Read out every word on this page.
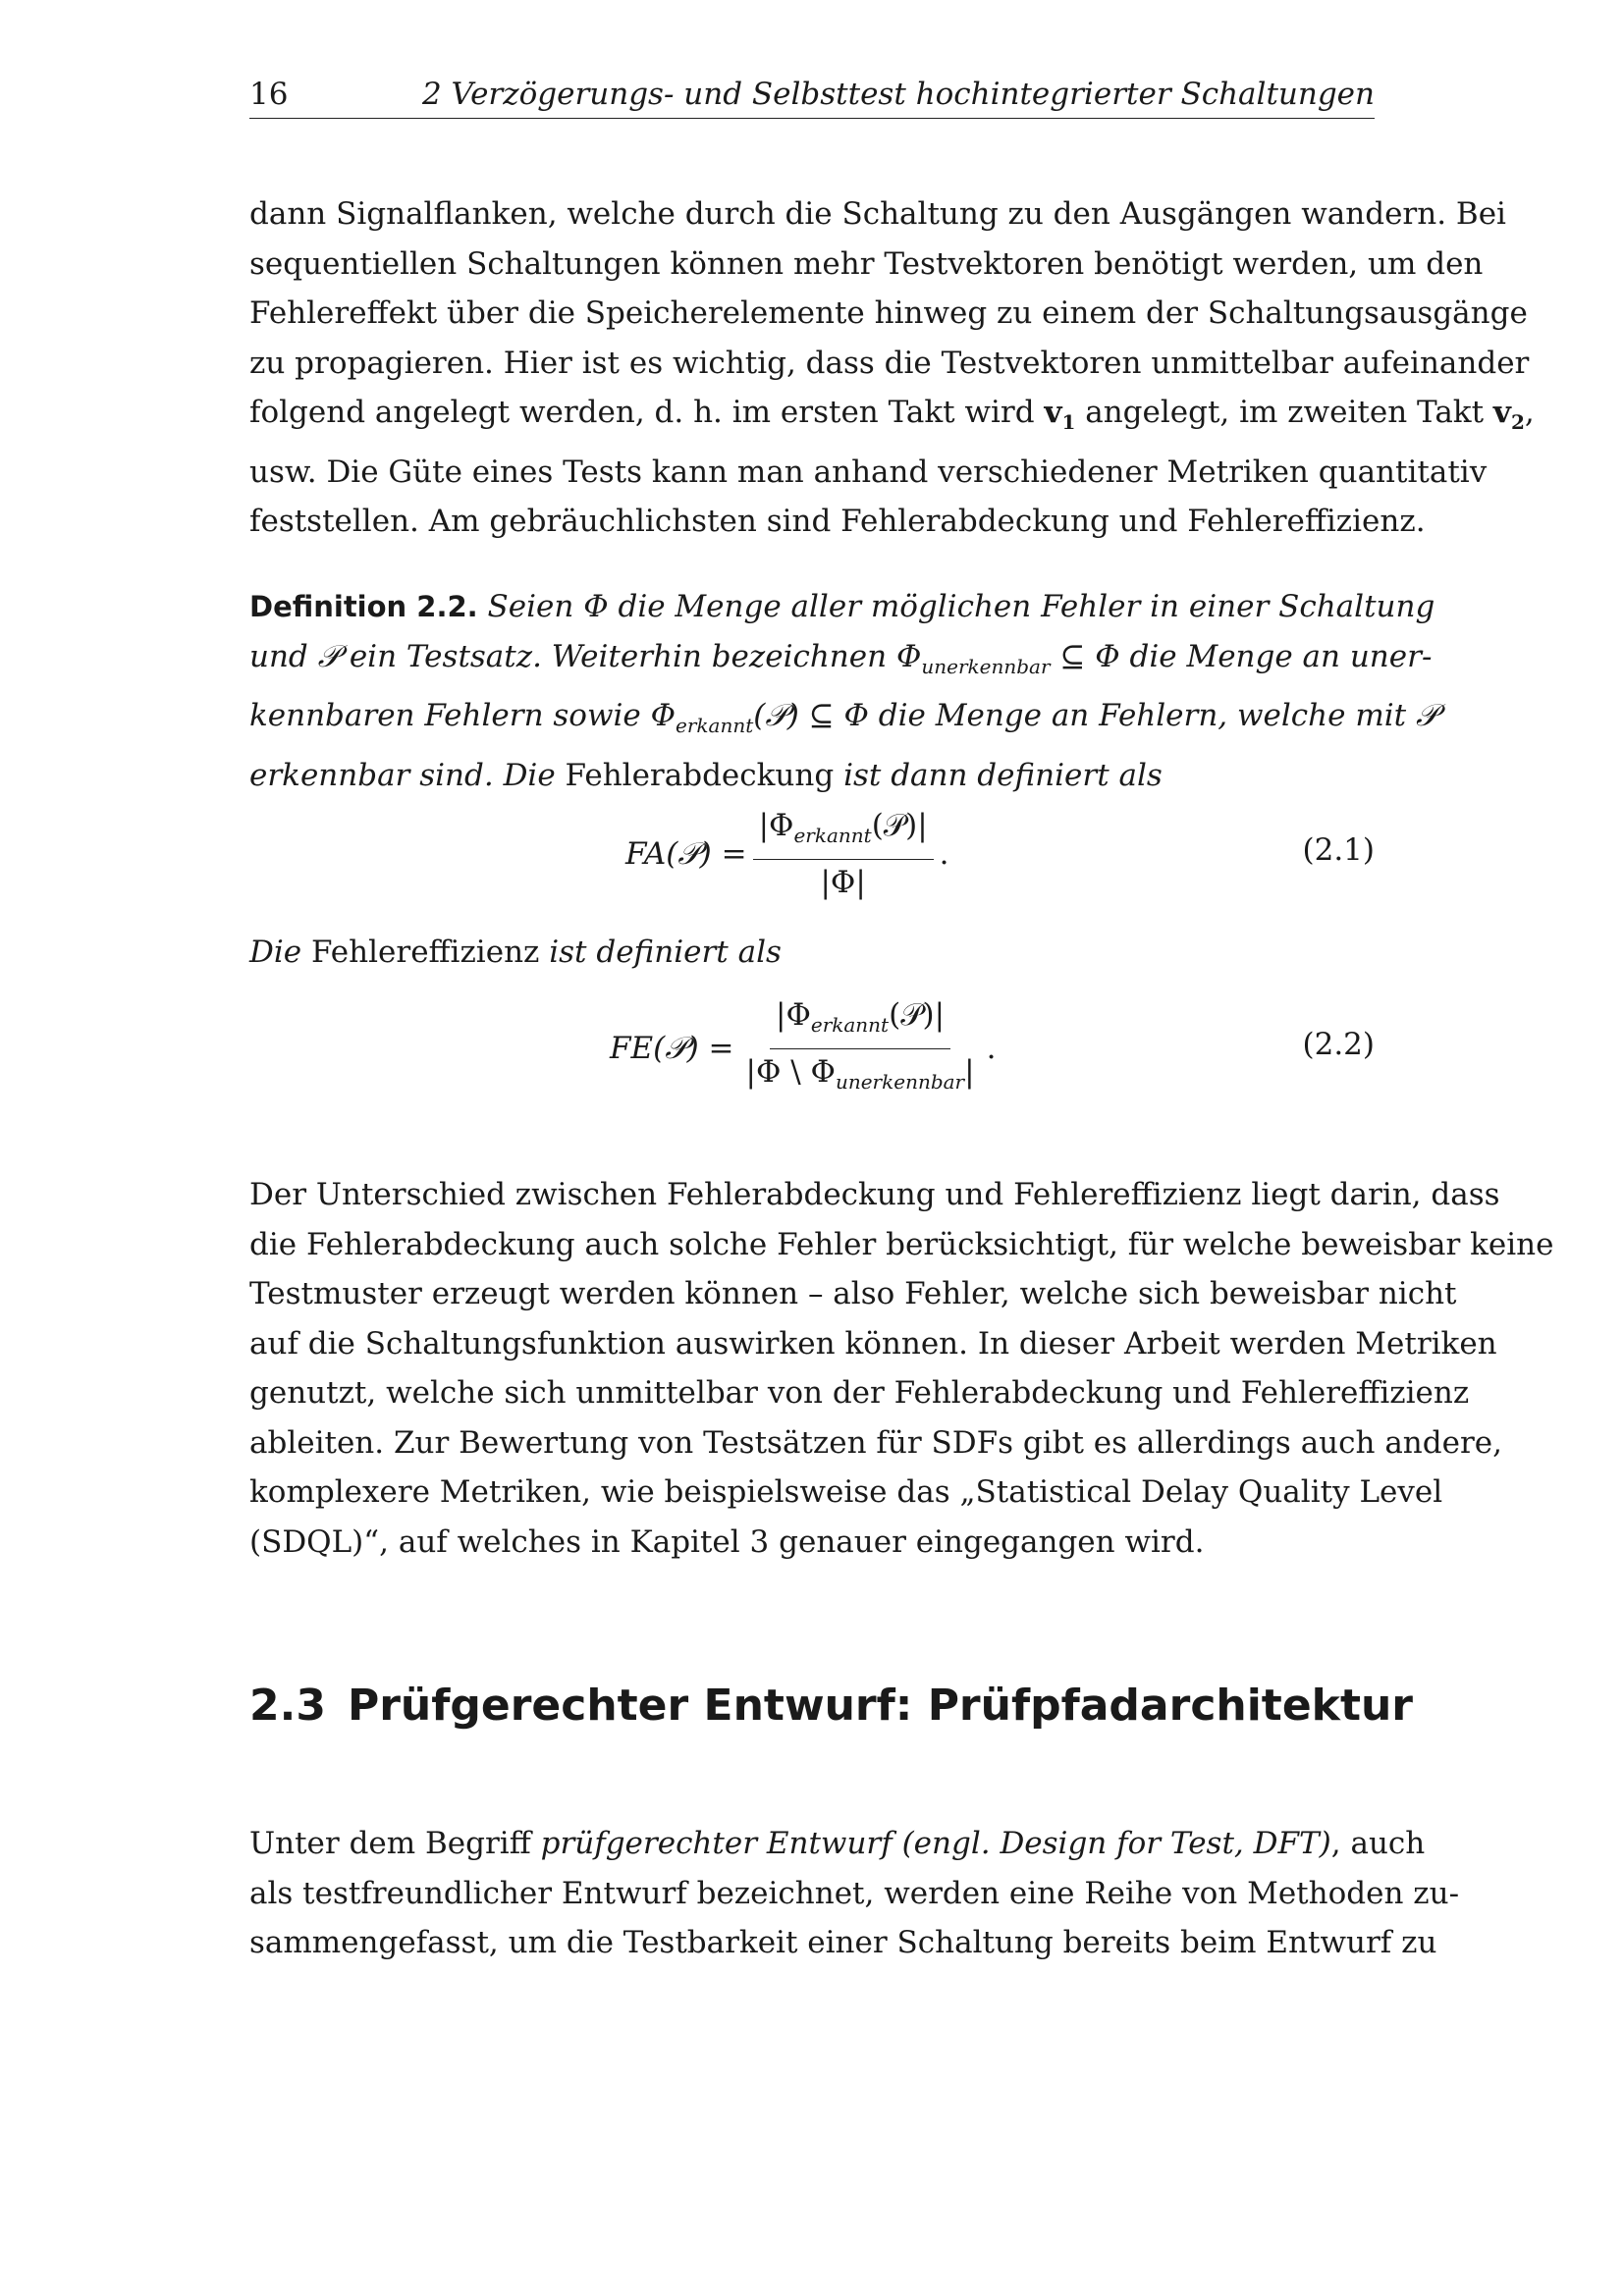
16	2 Verzögerungs- und Selbsttest hochintegrierter Schaltungen

dann Signalflanken, welche durch die Schaltung zu den Ausgängen wandern. Bei

sequentiellen Schaltungen können mehr Testvektoren benötigt werden, um den

Fehlereffekt über die Speicherelemente hinweg zu einem der Schaltungsausgänge

zu propagieren. Hier ist es wichtig, dass die Testvektoren unmittelbar aufeinander

folgend angelegt werden, d. h. im ersten Takt wird $v_1$ angelegt, im zweiten Takt $v_2$,

usw. Die Güte eines Tests kann man anhand verschiedener Metriken quantitativ

feststellen. Am gebräuchlichsten sind Fehlerabdeckung und Fehlereffizienz.

Definition 2.2. Seien Φ die Menge aller möglichen Fehler in einer Schaltung

und 𝒫 ein Testsatz. Weiterhin bezeichnen $\Phi_{unerkennbar}$ ⊆ Φ die Menge an uner-

kennbaren Fehlern sowie $\Phi_{erkannt}(𝒫)$ ⊆ Φ die Menge an Fehlern, welche mit 𝒫

erkennbar sind. Die Fehlerabdeckung ist dann definiert als

FA(𝒫) = $\frac{|\Phi_{erkannt}(𝒫)|}{|\Phi|}$ .	(2.1)

Die Fehlereffizienz ist definiert als

FE(𝒫) = $\frac{|\Phi_{erkannt}(𝒫)|}{|\Phi \backslash \Phi_{unerkennbar}|}$ .	(2.2)

Der Unterschied zwischen Fehlerabdeckung und Fehlereffizienz liegt darin, dass

die Fehlerabdeckung auch solche Fehler berücksichtigt, für welche beweisbar keine

Testmuster erzeugt werden können – also Fehler, welche sich beweisbar nicht

auf die Schaltungsfunktion auswirken können. In dieser Arbeit werden Metriken

genutzt, welche sich unmittelbar von der Fehlerabdeckung und Fehlereffizienz

ableiten. Zur Bewertung von Testsätzen für SDFs gibt es allerdings auch andere,

komplexere Metriken, wie beispielsweise das „Statistical Delay Quality Level

(SDQL)“, auf welches in Kapitel 3 genauer eingegangen wird.

2.3 Prüfgerechter Entwurf: Prüfpfadarchitektur

Unter dem Begriff prüfgerechter Entwurf (engl. Design for Test, DFT), auch

als testfreundlicher Entwurf bezeichnet, werden eine Reihe von Methoden zu-

sammengefasst, um die Testbarkeit einer Schaltung bereits beim Entwurf zu
